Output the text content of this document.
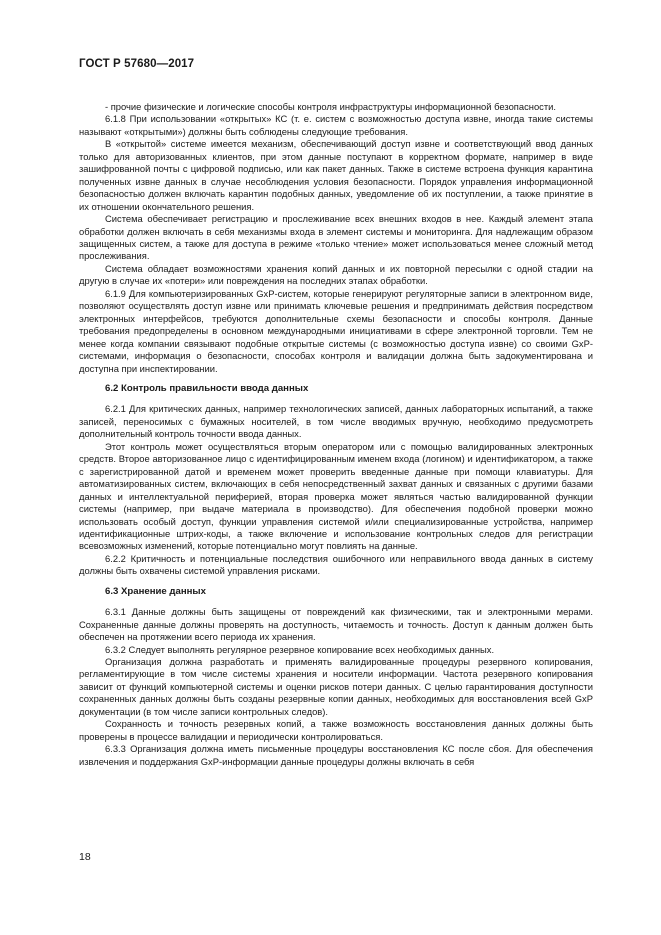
ГОСТ Р 57680—2017

- прочие физические и логические способы контроля инфраструктуры информационной безопасности.

6.1.8 При использовании «открытых» КС (т. е. систем с возможностью доступа извне, иногда такие системы называют «открытыми») должны быть соблюдены следующие требования.

В «открытой» системе имеется механизм, обеспечивающий доступ извне и соответствующий ввод данных только для авторизованных клиентов, при этом данные поступают в корректном формате, например в виде зашифрованной почты с цифровой подписью, или как пакет данных. Также в системе встроена функция карантина полученных извне данных в случае несоблюдения условия безопасности. Порядок управления информационной безопасностью должен включать карантин подобных данных, уведомление об их поступлении, а также принятие в их отношении окончательного решения.

Система обеспечивает регистрацию и прослеживание всех внешних входов в нее. Каждый элемент этапа обработки должен включать в себя механизмы входа в элемент системы и мониторинга. Для надлежащим образом защищенных систем, а также для доступа в режиме «только чтение» может использоваться менее сложный метод прослеживания.

Система обладает возможностями хранения копий данных и их повторной пересылки с одной стадии на другую в случае их «потери» или повреждения на последних этапах обработки.

6.1.9 Для компьютеризированных GxP-систем, которые генерируют регуляторные записи в электронном виде, позволяют осуществлять доступ извне или принимать ключевые решения и предпринимать действия посредством электронных интерфейсов, требуются дополнительные схемы безопасности и способы контроля. Данные требования предопределены в основном международными инициативами в сфере электронной торговли. Тем не менее когда компании связывают подобные открытые системы (с возможностью доступа извне) со своими GxP-системами, информация о безопасности, способах контроля и валидации должна быть задокументирована и доступна при инспектировании.

6.2 Контроль правильности ввода данных

6.2.1 Для критических данных, например технологических записей, данных лабораторных испытаний, а также записей, переносимых с бумажных носителей, в том числе вводимых вручную, необходимо предусмотреть дополнительный контроль точности ввода данных.

Этот контроль может осуществляться вторым оператором или с помощью валидированных электронных средств. Второе авторизованное лицо с идентифицированным именем входа (логином) и идентификатором, а также с зарегистрированной датой и временем может проверить введенные данные при помощи клавиатуры. Для автоматизированных систем, включающих в себя непосредственный захват данных и связанных с другими базами данных и интеллектуальной периферией, вторая проверка может являться частью валидированной функции системы (например, при выдаче материала в производство). Для обеспечения подобной проверки можно использовать особый доступ, функции управления системой и/или специализированные устройства, например идентификационные штрих-коды, а также включение и использование контрольных следов для регистрации всевозможных изменений, которые потенциально могут повлиять на данные.

6.2.2 Критичность и потенциальные последствия ошибочного или неправильного ввода данных в систему должны быть охвачены системой управления рисками.

6.3 Хранение данных

6.3.1 Данные должны быть защищены от повреждений как физическими, так и электронными мерами. Сохраненные данные должны проверять на доступность, читаемость и точность. Доступ к данным должен быть обеспечен на протяжении всего периода их хранения.

6.3.2 Следует выполнять регулярное резервное копирование всех необходимых данных.

Организация должна разработать и применять валидированные процедуры резервного копирования, регламентирующие в том числе системы хранения и носители информации. Частота резервного копирования зависит от функций компьютерной системы и оценки рисков потери данных. С целью гарантирования доступности сохраненных данных должны быть созданы резервные копии данных, необходимых для восстановления всей GxP документации (в том числе записи контрольных следов).

Сохранность и точность резервных копий, а также возможность восстановления данных должны быть проверены в процессе валидации и периодически контролироваться.

6.3.3 Организация должна иметь письменные процедуры восстановления КС после сбоя. Для обеспечения извлечения и поддержания GxP-информации данные процедуры должны включать в себя

18
